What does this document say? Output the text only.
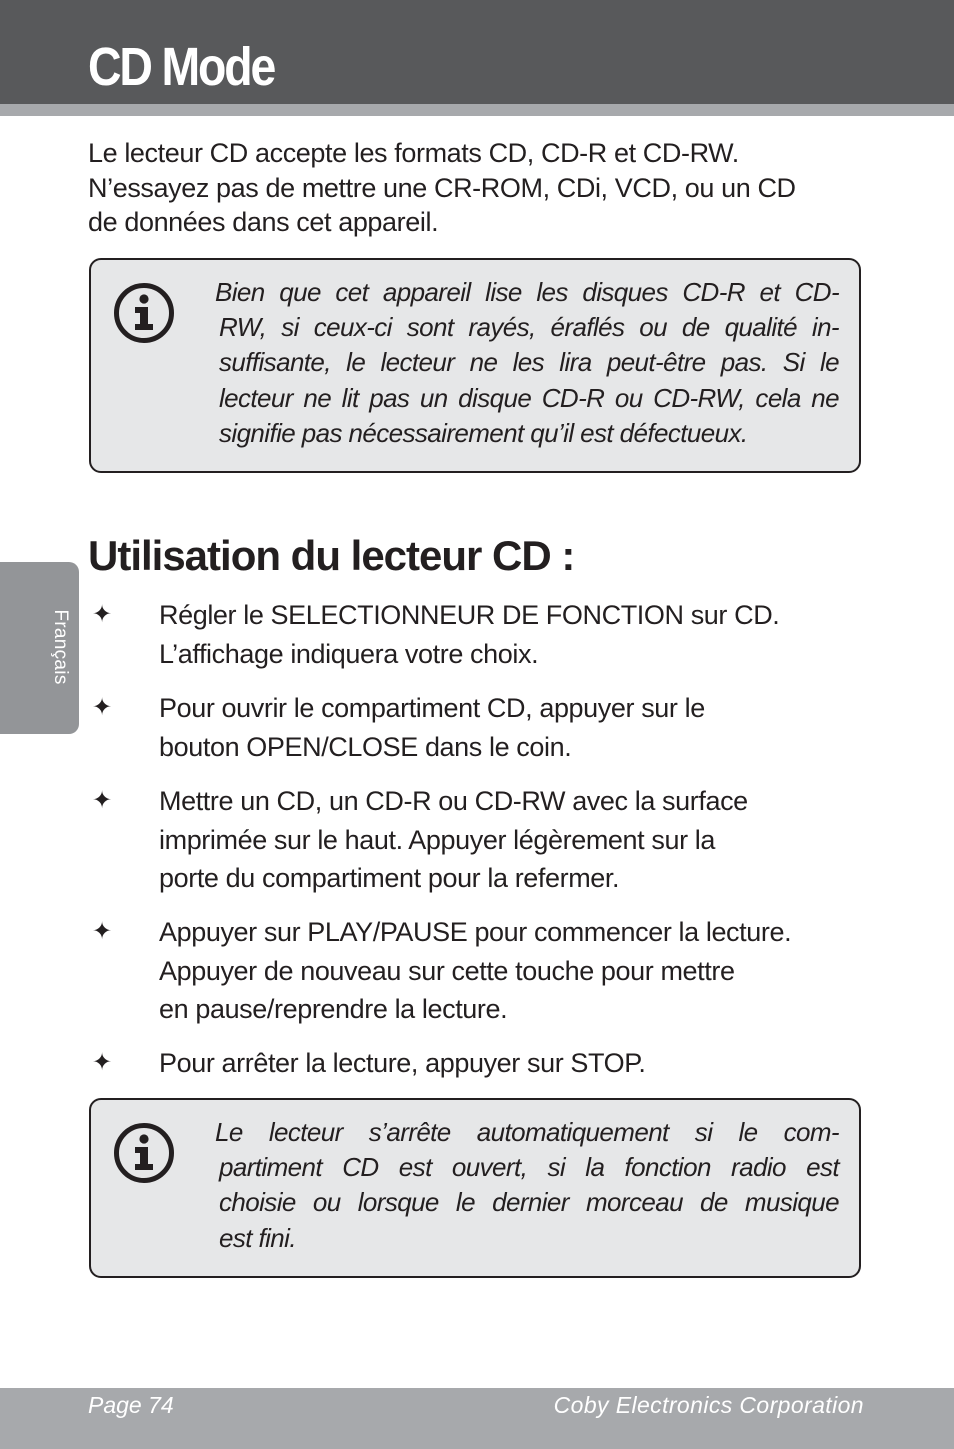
CD Mode

Le lecteur CD accepte les formats CD, CD-R et CD-RW.
N’essayez pas de mettre une CR-ROM, CDi, VCD, ou un CD
de données dans cet appareil.

Bien que cet appareil lise les disques CD-R et CD-
RW, si ceux-ci sont rayés, éraflés ou de qualité in-
suffisante, le lecteur ne les lira peut-être pas. Si le
lecteur ne lit pas un disque CD-R ou CD-RW, cela ne
signifie pas nécessairement qu’il est défectueux.

Utilisation du lecteur CD :
✦ Régler le SELECTIONNEUR DE FONCTION sur CD.
L’affichage indiquera votre choix.

✦ Pour ouvrir le compartiment CD, appuyer sur le
bouton OPEN/CLOSE dans le coin.

✦ Mettre un CD, un CD-R ou CD-RW avec la surface
imprimée sur le haut. Appuyer légèrement sur la
porte du compartiment pour la refermer.

✦ Appuyer sur PLAY/PAUSE pour commencer la lecture.
Appuyer de nouveau sur cette touche pour mettre
en pause/reprendre la lecture.

✦ Pour arrêter la lecture, appuyer sur STOP.

Le lecteur s’arrête automatiquement si le com-
partiment CD est ouvert, si la fonction radio est
choisie ou lorsque le dernier morceau de musique
est fini.

Français
Page 74	Coby Electronics Corporation
